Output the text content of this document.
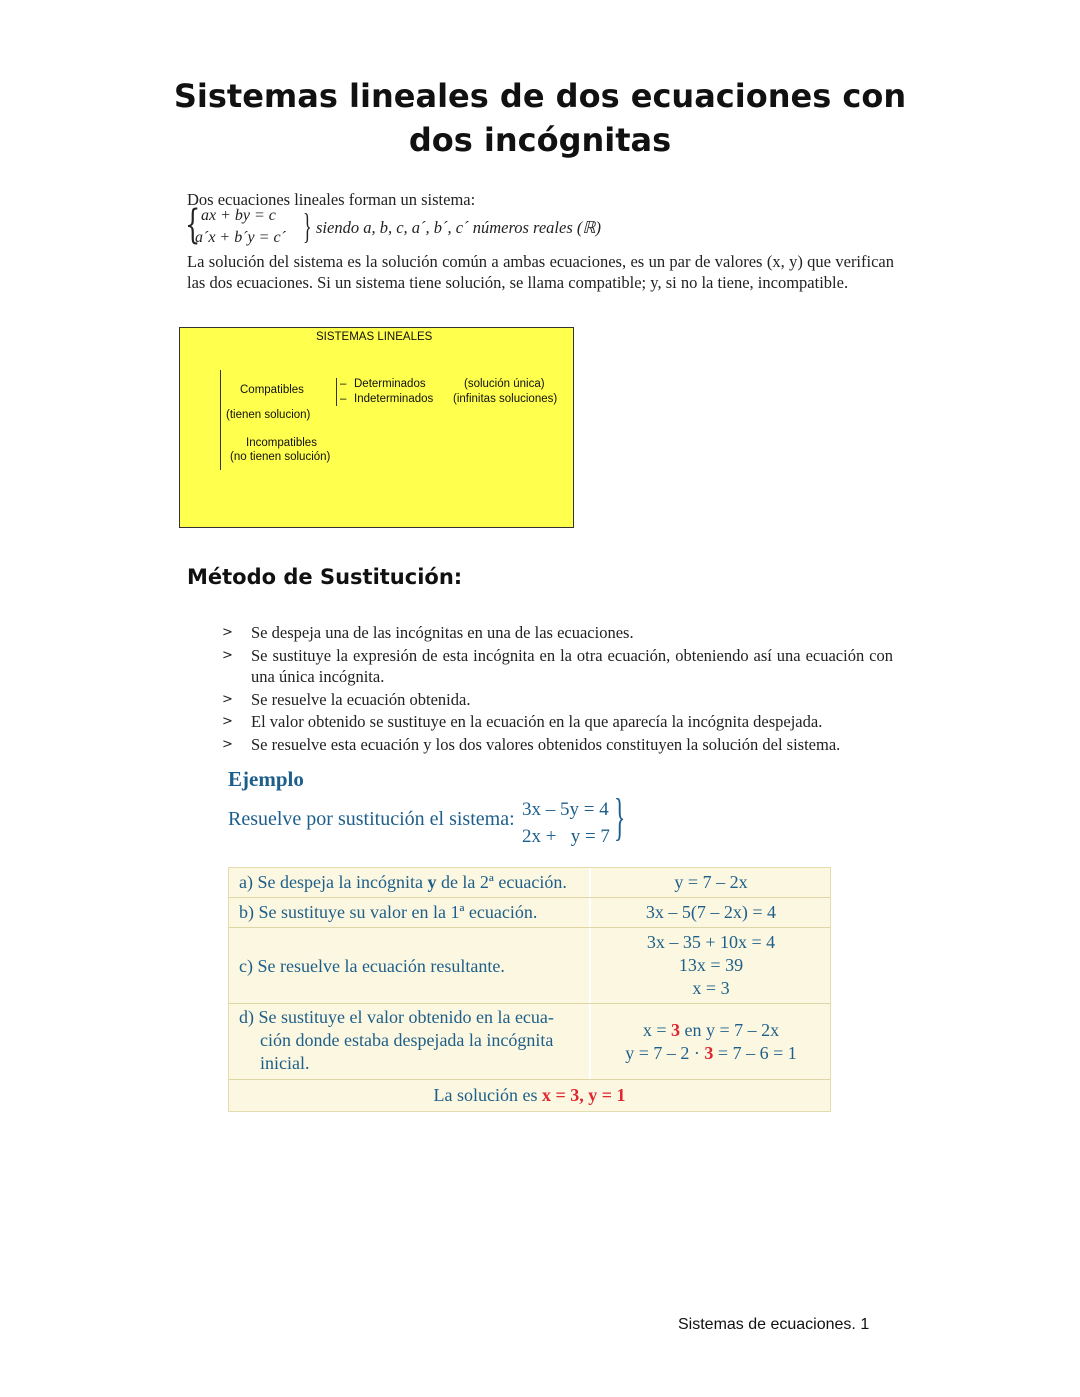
Sistemas lineales de dos ecuaciones con dos incógnitas
Dos ecuaciones lineales forman un sistema:
{ ax + by = c
a´x + b´y = c´ } siendo a, b, c, a´, b´, c´ números reales (ℝ)
La solución del sistema es la solución común a ambas ecuaciones, es un par de valores (x, y) que verifican las dos ecuaciones. Si un sistema tiene solución, se llama compatible; y, si no la tiene, incompatible.
SISTEMAS LINEALES
Compatibles
(tienen solucion)
–
–
Determinados
Indeterminados
(solución única)
(infinitas soluciones)
Incompatibles
(no tienen solución)
Método de Sustitución:
> Se despeja una de las incógnitas en una de las ecuaciones.
> Se sustituye la expresión de esta incógnita en la otra ecuación, obteniendo así una ecuación con una única incógnita.
> Se resuelve la ecuación obtenida.
> El valor obtenido se sustituye en la ecuación en la que aparecía la incógnita despejada.
> Se resuelve esta ecuación y los dos valores obtenidos constituyen la solución del sistema.
Ejemplo
Resuelve por sustitución el sistema: 3x – 5y = 4
2x +   y = 7 }
a) Se despeja la incógnita y de la 2ª ecuación.	y = 7 – 2x
b) Se sustituye su valor en la 1ª ecuación.	3x – 5(7 – 2x) = 4
c) Se resuelve la ecuación resultante.
3x – 35 + 10x = 4
13x = 39
x = 3
d) Se sustituye el valor obtenido en la ecua-
ción donde estaba despejada la incógnita
inicial.
x = 3 en y = 7 – 2x
y = 7 – 2 · 3 = 7 – 6 = 1
La solución es x = 3, y = 1
Sistemas de ecuaciones. 1
